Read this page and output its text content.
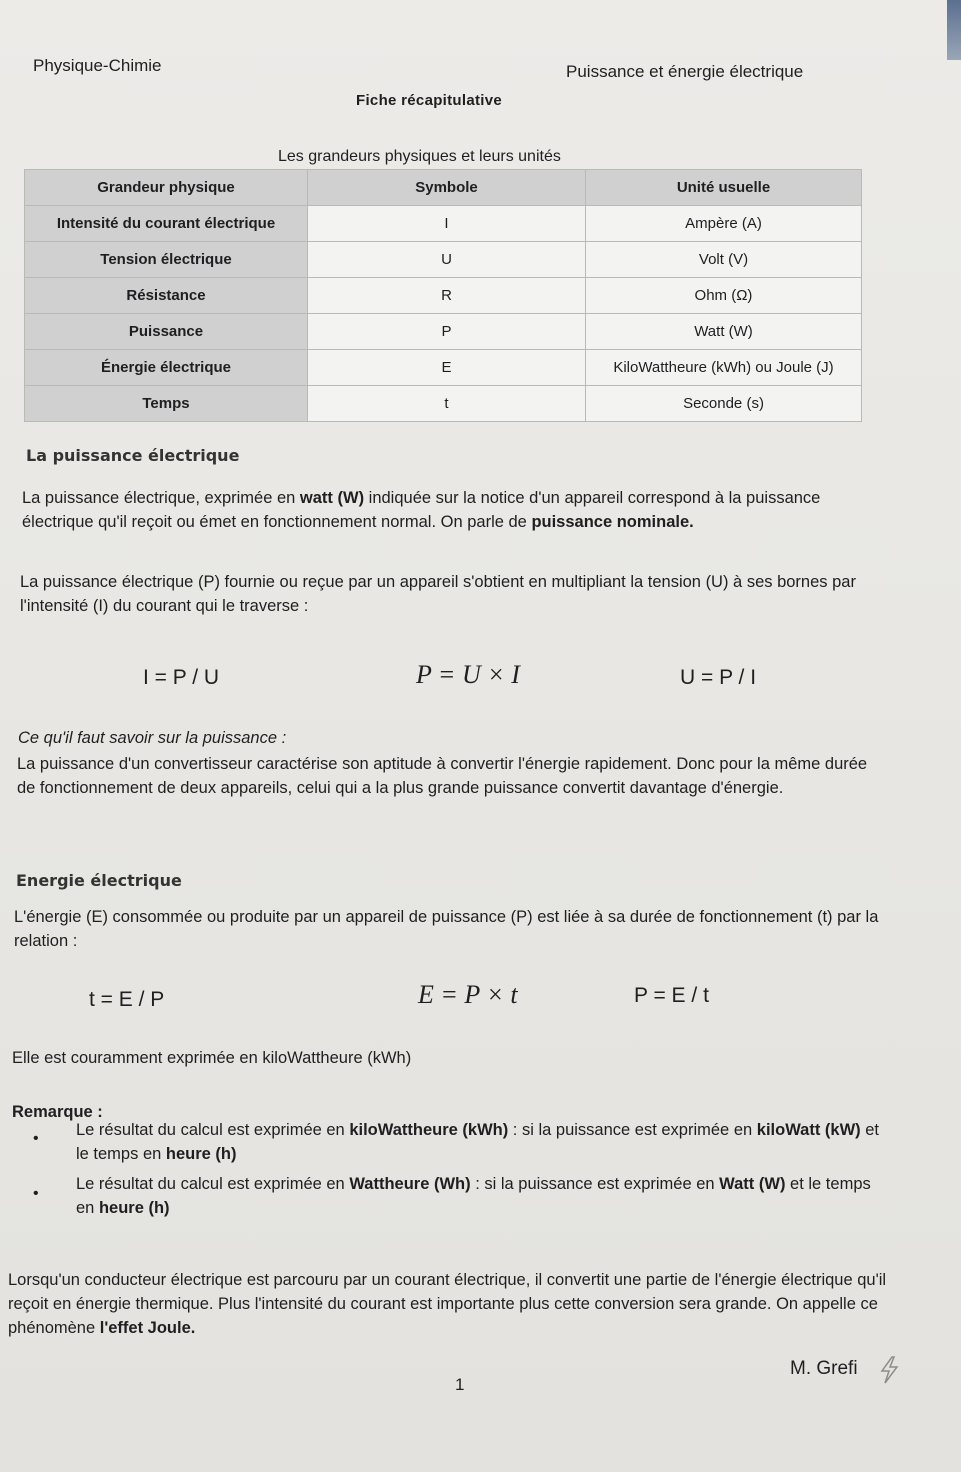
Physique-Chimie	Puissance et énergie électrique
Fiche récapitulative
Les grandeurs physiques et leurs unités
Grandeur physique	Symbole	Unité usuelle
Intensité du courant électrique	I	Ampère (A)
Tension électrique	U	Volt (V)
Résistance	R	Ohm (Ω)
Puissance	P	Watt (W)
Énergie électrique	E	KiloWattheure (kWh) ou Joule (J)
Temps	t	Seconde (s)
La puissance électrique
La puissance électrique, exprimée en watt (W) indiquée sur la notice d'un appareil correspond à la puissance électrique qu'il reçoit ou émet en fonctionnement normal. On parle de puissance nominale.
La puissance électrique (P) fournie ou reçue par un appareil s'obtient en multipliant la tension (U) à ses bornes par l'intensité (I) du courant qui le traverse :
I = P / U	P = U × I	U = P / I
Ce qu'il faut savoir sur la puissance :
La puissance d'un convertisseur caractérise son aptitude à convertir l'énergie rapidement. Donc pour la même durée de fonctionnement de deux appareils, celui qui a la plus grande puissance convertit davantage d'énergie.
Energie électrique
L'énergie (E) consommée ou produite par un appareil de puissance (P) est liée à sa durée de fonctionnement (t) par la relation :
t = E / P	E = P × t	P = E / t
Elle est couramment exprimée en kiloWattheure (kWh)
Remarque :
• Le résultat du calcul est exprimée en kiloWattheure (kWh) : si la puissance est exprimée en kiloWatt (kW) et le temps en heure (h)
•
Le résultat du calcul est exprimée en Wattheure (Wh) : si la puissance est exprimée en Watt (W) et le temps en heure (h)
Lorsqu'un conducteur électrique est parcouru par un courant électrique, il convertit une partie de l'énergie électrique qu'il reçoit en énergie thermique. Plus l'intensité du courant est importante plus cette conversion sera grande. On appelle ce phénomène l'effet Joule.
1
M. Grefi
